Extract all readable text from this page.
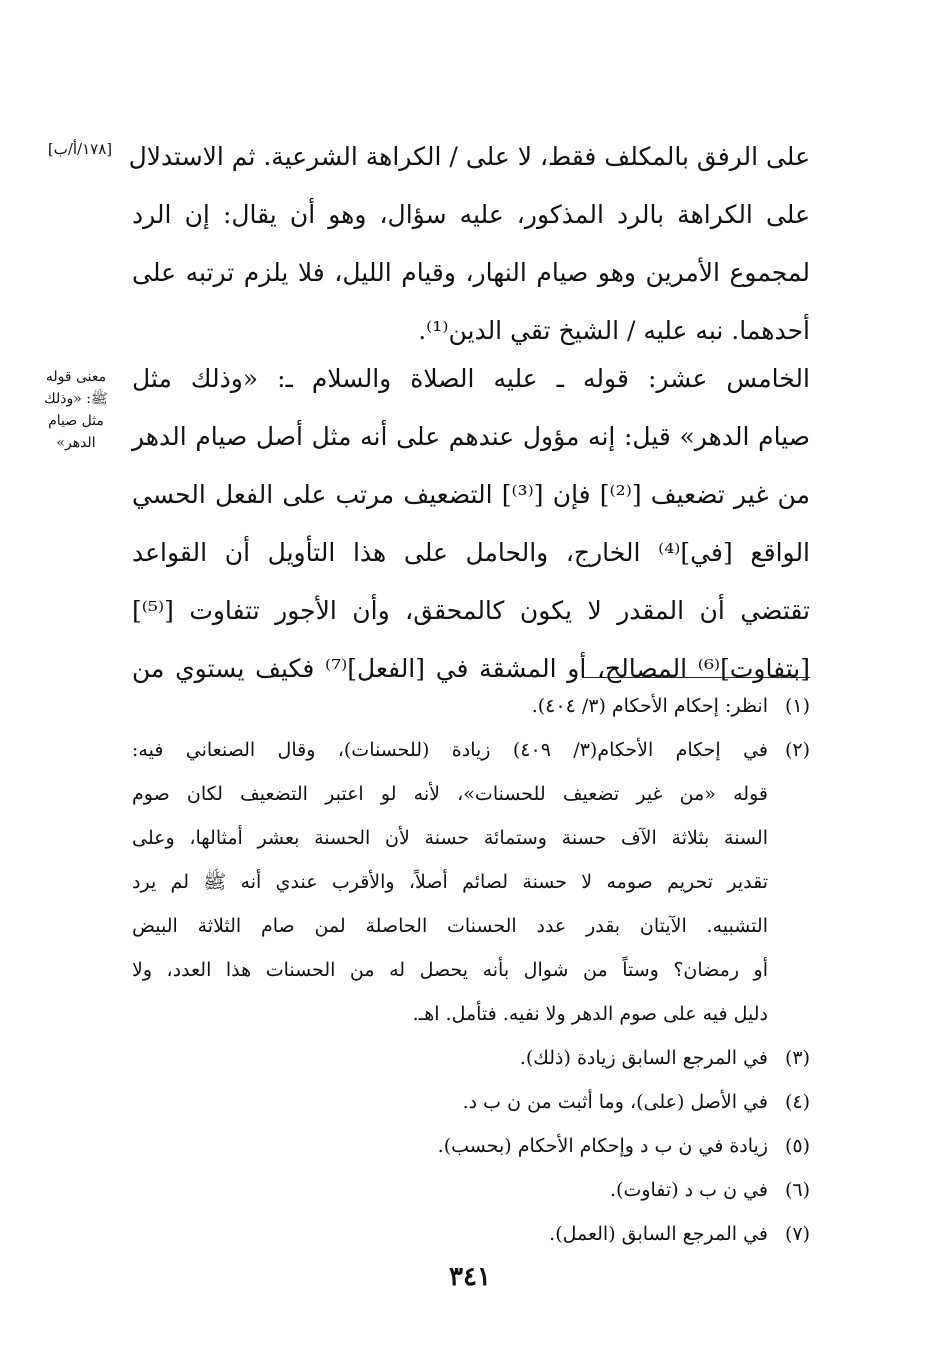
[١٧٨/أ/ب]
معنى قوله
ﷺ: «وذلك
مثل صيام
الدهر»
على الرفق بالمكلف فقط، لا على / الكراهة الشرعية. ثم الاستدلال
على الكراهة بالرد المذكور، عليه سؤال، وهو أن يقال: إن الرد
لمجموع الأمرين وهو صيام النهار، وقيام الليل، فلا يلزم ترتبه على
أحدهما. نبه عليه / الشيخ تقي الدين⁽¹⁾.
الخامس عشر: قوله ـ عليه الصلاة والسلام ـ: «وذلك مثل
صيام الدهر» قيل: إنه مؤول عندهم على أنه مثل أصل صيام الدهر
من غير تضعيف [⁽²⁾] فإن [⁽³⁾] التضعيف مرتب على الفعل الحسي
الواقع [في]⁽⁴⁾ الخارج، والحامل على هذا التأويل أن القواعد
تقتضي أن المقدر لا يكون كالمحقق، وأن الأجور تتفاوت [⁽⁵⁾]
[بتفاوت]⁽⁶⁾ المصالح، أو المشقة في [الفعل]⁽⁷⁾ فكيف يستوي من
(١)
انظر: إحكام الأحكام (٣/ ٤٠٤).
(٢)
في إحكام الأحكام(٣/ ٤٠٩) زيادة (للحسنات)، وقال الصنعاني فيه:
قوله «من غير تضعيف للحسنات»، لأنه لو اعتبر التضعيف لكان صوم
السنة بثلاثة الآف حسنة وستمائة حسنة لأن الحسنة بعشر أمثالها، وعلى
تقدير تحريم صومه لا حسنة لصائم أصلاً، والأقرب عندي أنه ﷺ لم يرد
التشبيه. الآيتان بقدر عدد الحسنات الحاصلة لمن صام الثلاثة البيض
أو رمضان؟ وستاً من شوال بأنه يحصل له من الحسنات هذا العدد، ولا
دليل فيه على صوم الدهر ولا نفيه. فتأمل. اهـ.
(٣)
في المرجع السابق زيادة (ذلك).
(٤)
في الأصل (على)، وما أثبت من ن ب د.
(٥)
زيادة في ن ب د وإحكام الأحكام (بحسب).
(٦)
في ن ب د (تفاوت).
(٧)
في المرجع السابق (العمل).
٣٤١
